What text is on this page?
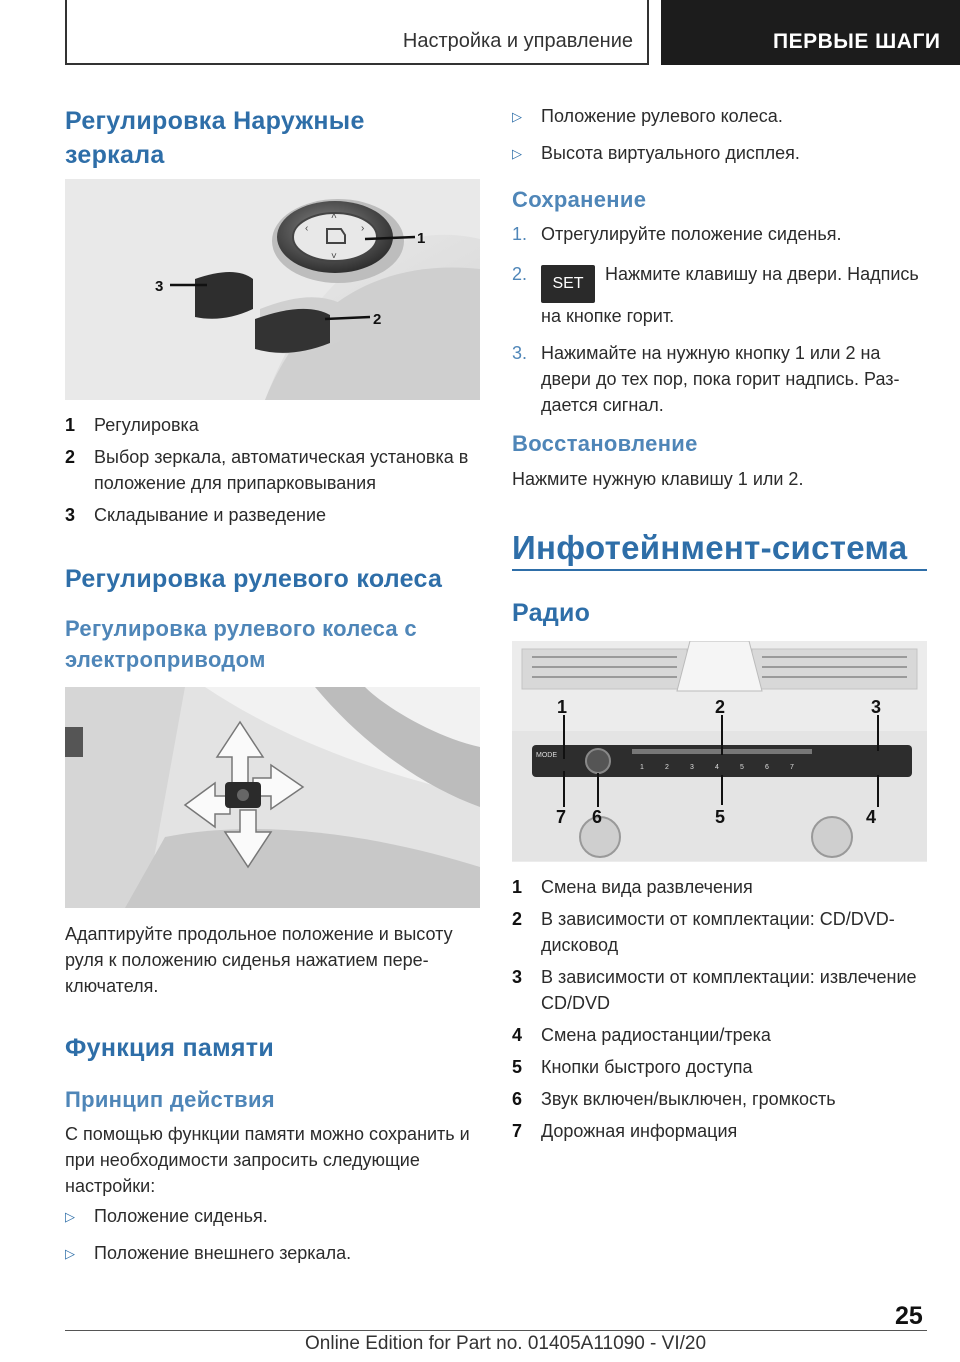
Настройка и управление	ПЕРВЫЕ ШАГИ
Регулировка Наружные зеркала
‹	›
˄
˅
1
2
3
1 Регулировка
2 Выбор зеркала, автоматическая установка в положение для припарковывания
3 Складывание и разведение
Регулировка рулевого колеса
Регулировка рулевого колеса с электроприводом
Адаптируйте продольное положение и высоту руля к положению сиденья нажатием переключателя.
Функция памяти
Принцип действия
С помощью функции памяти можно сохранить и при необходимости запросить следующие настройки:
▷ Положение сиденья.
▷ Положение внешнего зеркала.
▷ Положение рулевого колеса.
▷ Высота виртуального дисплея.
Сохранение
1. Отрегулируйте положение сиденья.
2. SET Нажмите клавишу на двери. Надпись на кнопке горит.
3. Нажимайте на нужную кнопку 1 или 2 на двери до тех пор, пока горит надпись. Раздается сигнал.
Восстановление
Нажмите нужную клавишу 1 или 2.
Инфотейнмент-система
Радио
MODE
1	2	3	4	5	6	7
1	2	3
7 6	5	4
1 Смена вида развлечения
2 В зависимости от комплектации: CD/DVD-дисковод
3 В зависимости от комплектации: извлечение CD/DVD
4 Смена радиостанции/трека
5 Кнопки быстрого доступа
6 Звук включен/выключен, громкость
7 Дорожная информация
25
Online Edition for Part no. 01405A11090 - VI/20
